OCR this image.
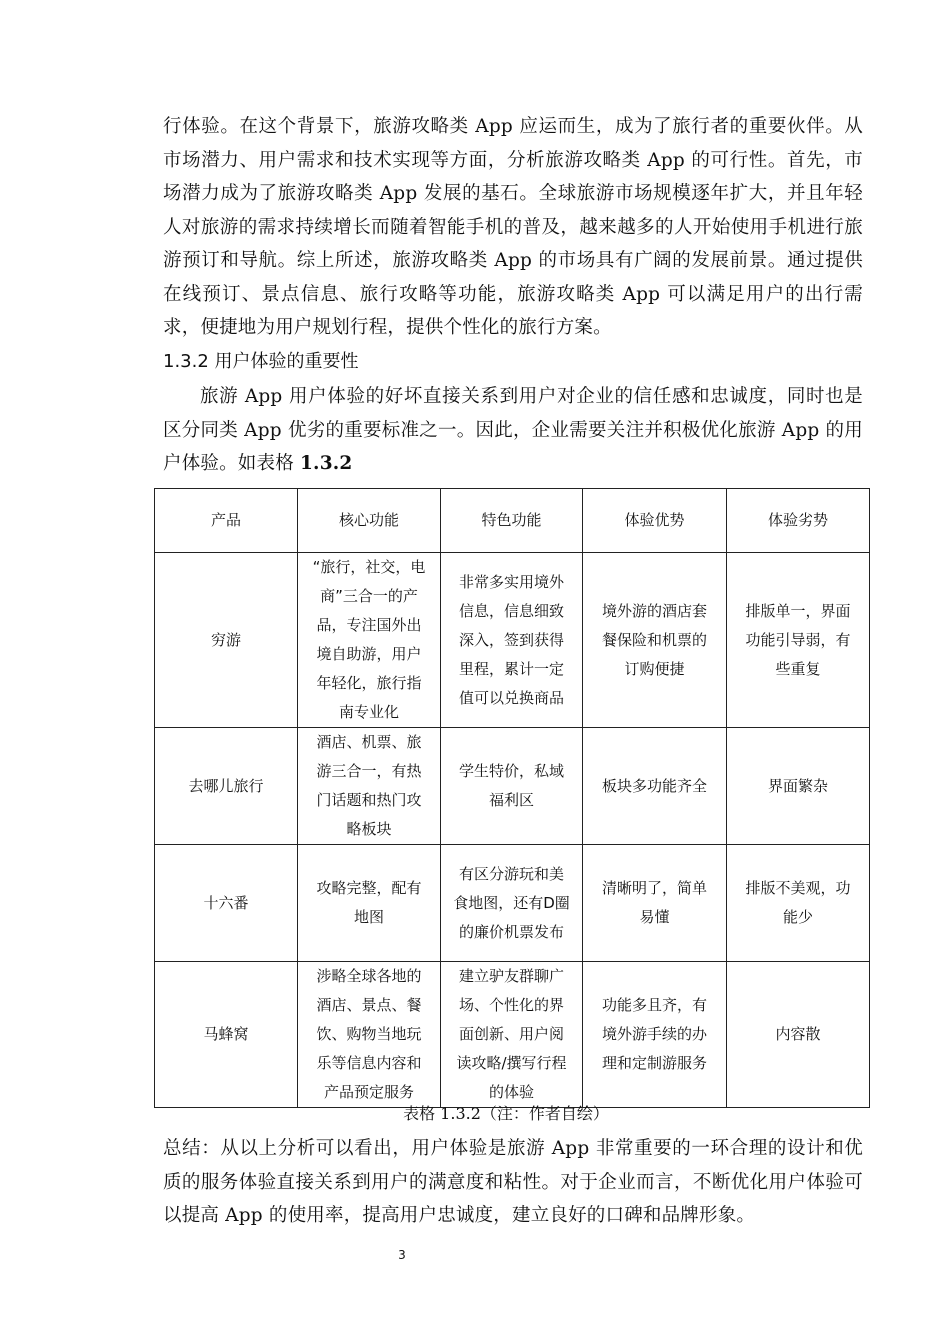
行体验。在这个背景下，旅游攻略类 App 应运而生，成为了旅行者的重要伙伴。从市场潜力、用户需求和技术实现等方面，分析旅游攻略类 App 的可行性。首先，市场潜力成为了旅游攻略类 App 发展的基石。全球旅游市场规模逐年扩大，并且年轻人对旅游的需求持续增长而随着智能手机的普及，越来越多的人开始使用手机进行旅游预订和导航。综上所述，旅游攻略类 App 的市场具有广阔的发展前景。通过提供在线预订、景点信息、旅行攻略等功能，旅游攻略类 App 可以满足用户的出行需求，便捷地为用户规划行程，提供个性化的旅行方案。

1.3.2 用户体验的重要性

旅游 App 用户体验的好坏直接关系到用户对企业的信任感和忠诚度，同时也是区分同类 App 优劣的重要标准之一。因此，企业需要关注并积极优化旅游 App 的用户体验。如表格 1.3.2

产品	核心功能	特色功能	体验优势	体验劣势
穷游	“旅行，社交，电商”三合一的产品，专注国外出境自助游，用户年轻化，旅行指南专业化	非常多实用境外信息，信息细致深入，签到获得里程，累计一定值可以兑换商品	境外游的酒店套餐保险和机票的订购便捷	排版单一，界面功能引导弱，有些重复
去哪儿旅行	酒店、机票、旅游三合一，有热门话题和热门攻略板块	学生特价，私域福利区	板块多功能齐全	界面繁杂
十六番	攻略完整，配有地图	有区分游玩和美食地图，还有D圈的廉价机票发布	清晰明了，简单易懂	排版不美观，功能少
马蜂窝	涉略全球各地的酒店、景点、餐饮、购物当地玩乐等信息内容和产品预定服务	建立驴友群聊广场、个性化的界面创新、用户阅读攻略/撰写行程的体验	功能多且齐，有境外游手续的办理和定制游服务	内容散
表格 1.3.2（注：作者自绘）

总结：从以上分析可以看出，用户体验是旅游 App 非常重要的一环合理的设计和优质的服务体验直接关系到用户的满意度和粘性。对于企业而言，不断优化用户体验可以提高 App 的使用率，提高用户忠诚度，建立良好的口碑和品牌形象。

3
